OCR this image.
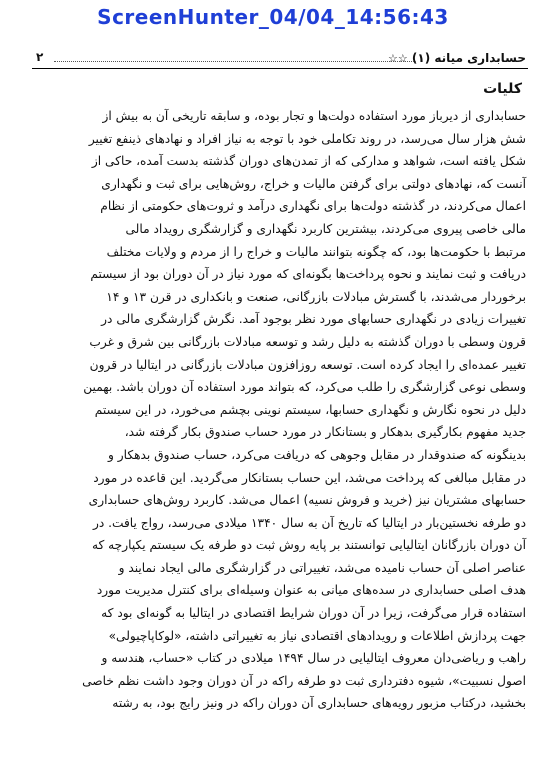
ScreenHunter_04/04_14:56:43
حسابداری میانه (۱) ☆☆
۲
کلیات
حسابداری از دیرباز مورد استفاده دولت‌ها و تجار بوده، و سابقه تاریخی آن به بیش از
شش هزار سال می‌رسد، در روند تکاملی خود با توجه به نیاز افراد و نهادهای ذینفع تغییر
شکل یافته است، شواهد و مدارکی که از تمدن‌های دوران گذشته بدست آمده، حاکی از
آنست که، نهادهای دولتی برای گرفتن مالیات و خراج، روش‌هایی برای ثبت و نگهداری
اعمال می‌کردند، در گذشته دولت‌ها برای نگهداری درآمد و ثروت‌های حکومتی از نظام
مالی خاصی پیروی می‌کردند، بیشترین کاربرد نگهداری و گزارشگری رویداد مالی
مرتبط با حکومت‌ها بود، که چگونه بتوانند مالیات و خراج را از مردم و ولایات مختلف
دریافت و ثبت نمایند و نحوه پرداخت‌ها بگونه‌ای که مورد نیاز در آن دوران بود از سیستم
برخوردار می‌شدند، با گسترش مبادلات بازرگانی، صنعت و بانکداری در قرن ۱۳ و ۱۴
تغییرات زیادی در نگهداری حسابهای مورد نظر بوجود آمد. نگرش گزارشگری مالی در
قرون وسطی با دوران گذشته به دلیل رشد و توسعه مبادلات بازرگانی بین شرق و غرب
تغییر عمده‌ای را ایجاد کرده است. توسعه روزافزون مبادلات بازرگانی در ایتالیا در قرون
وسطی نوعی گزارشگری را طلب می‌کرد، که بتواند مورد استفاده آن دوران باشد. بهمین
دلیل در نحوه نگارش و نگهداری حسابها، سیستم نوینی بچشم می‌خورد، در این سیستم
جدید مفهوم بکارگیری بدهکار و بستانکار در مورد حساب صندوق بکار گرفته شد،
بدینگونه که صندوقدار در مقابل وجوهی که دریافت می‌کرد، حساب صندوق بدهکار و
در مقابل مبالغی که پرداخت می‌شد، این حساب بستانکار می‌گردید. این قاعده در مورد
حسابهای مشتریان نیز (خرید و فروش نسیه) اعمال می‌شد. کاربرد روش‌های حسابداری
دو طرفه نخستین‌بار در ایتالیا که تاریخ آن به سال ۱۳۴۰ میلادی می‌رسد، رواج یافت. در
آن دوران بازرگانان ایتالیایی توانستند بر پایه روش ثبت دو طرفه یک سیستم یکپارچه که
عناصر اصلی آن حساب نامیده می‌شد، تغییراتی در گزارشگری مالی ایجاد نمایند و
هدف اصلی حسابداری در سده‌های میانی به عنوان وسیله‌ای برای کنترل مدیریت مورد
استفاده قرار می‌گرفت، زیرا در آن دوران شرایط اقتصادی در ایتالیا به گونه‌ای بود که
جهت پردازش اطلاعات و رویدادهای اقتصادی نیاز به تغییراتی داشته، «لوکاپاچیولی»
راهب و ریاضی‌دان معروف ایتالیایی در سال ۱۴۹۴ میلادی در کتاب «حساب، هندسه و
اصول نسبیت»، شیوه دفترداری ثبت دو طرفه راکه در آن دوران وجود داشت نظم خاصی
بخشید، درکتاب مزبور رویه‌های حسابداری آن دوران راکه در ونیز رایج بود، به رشته
